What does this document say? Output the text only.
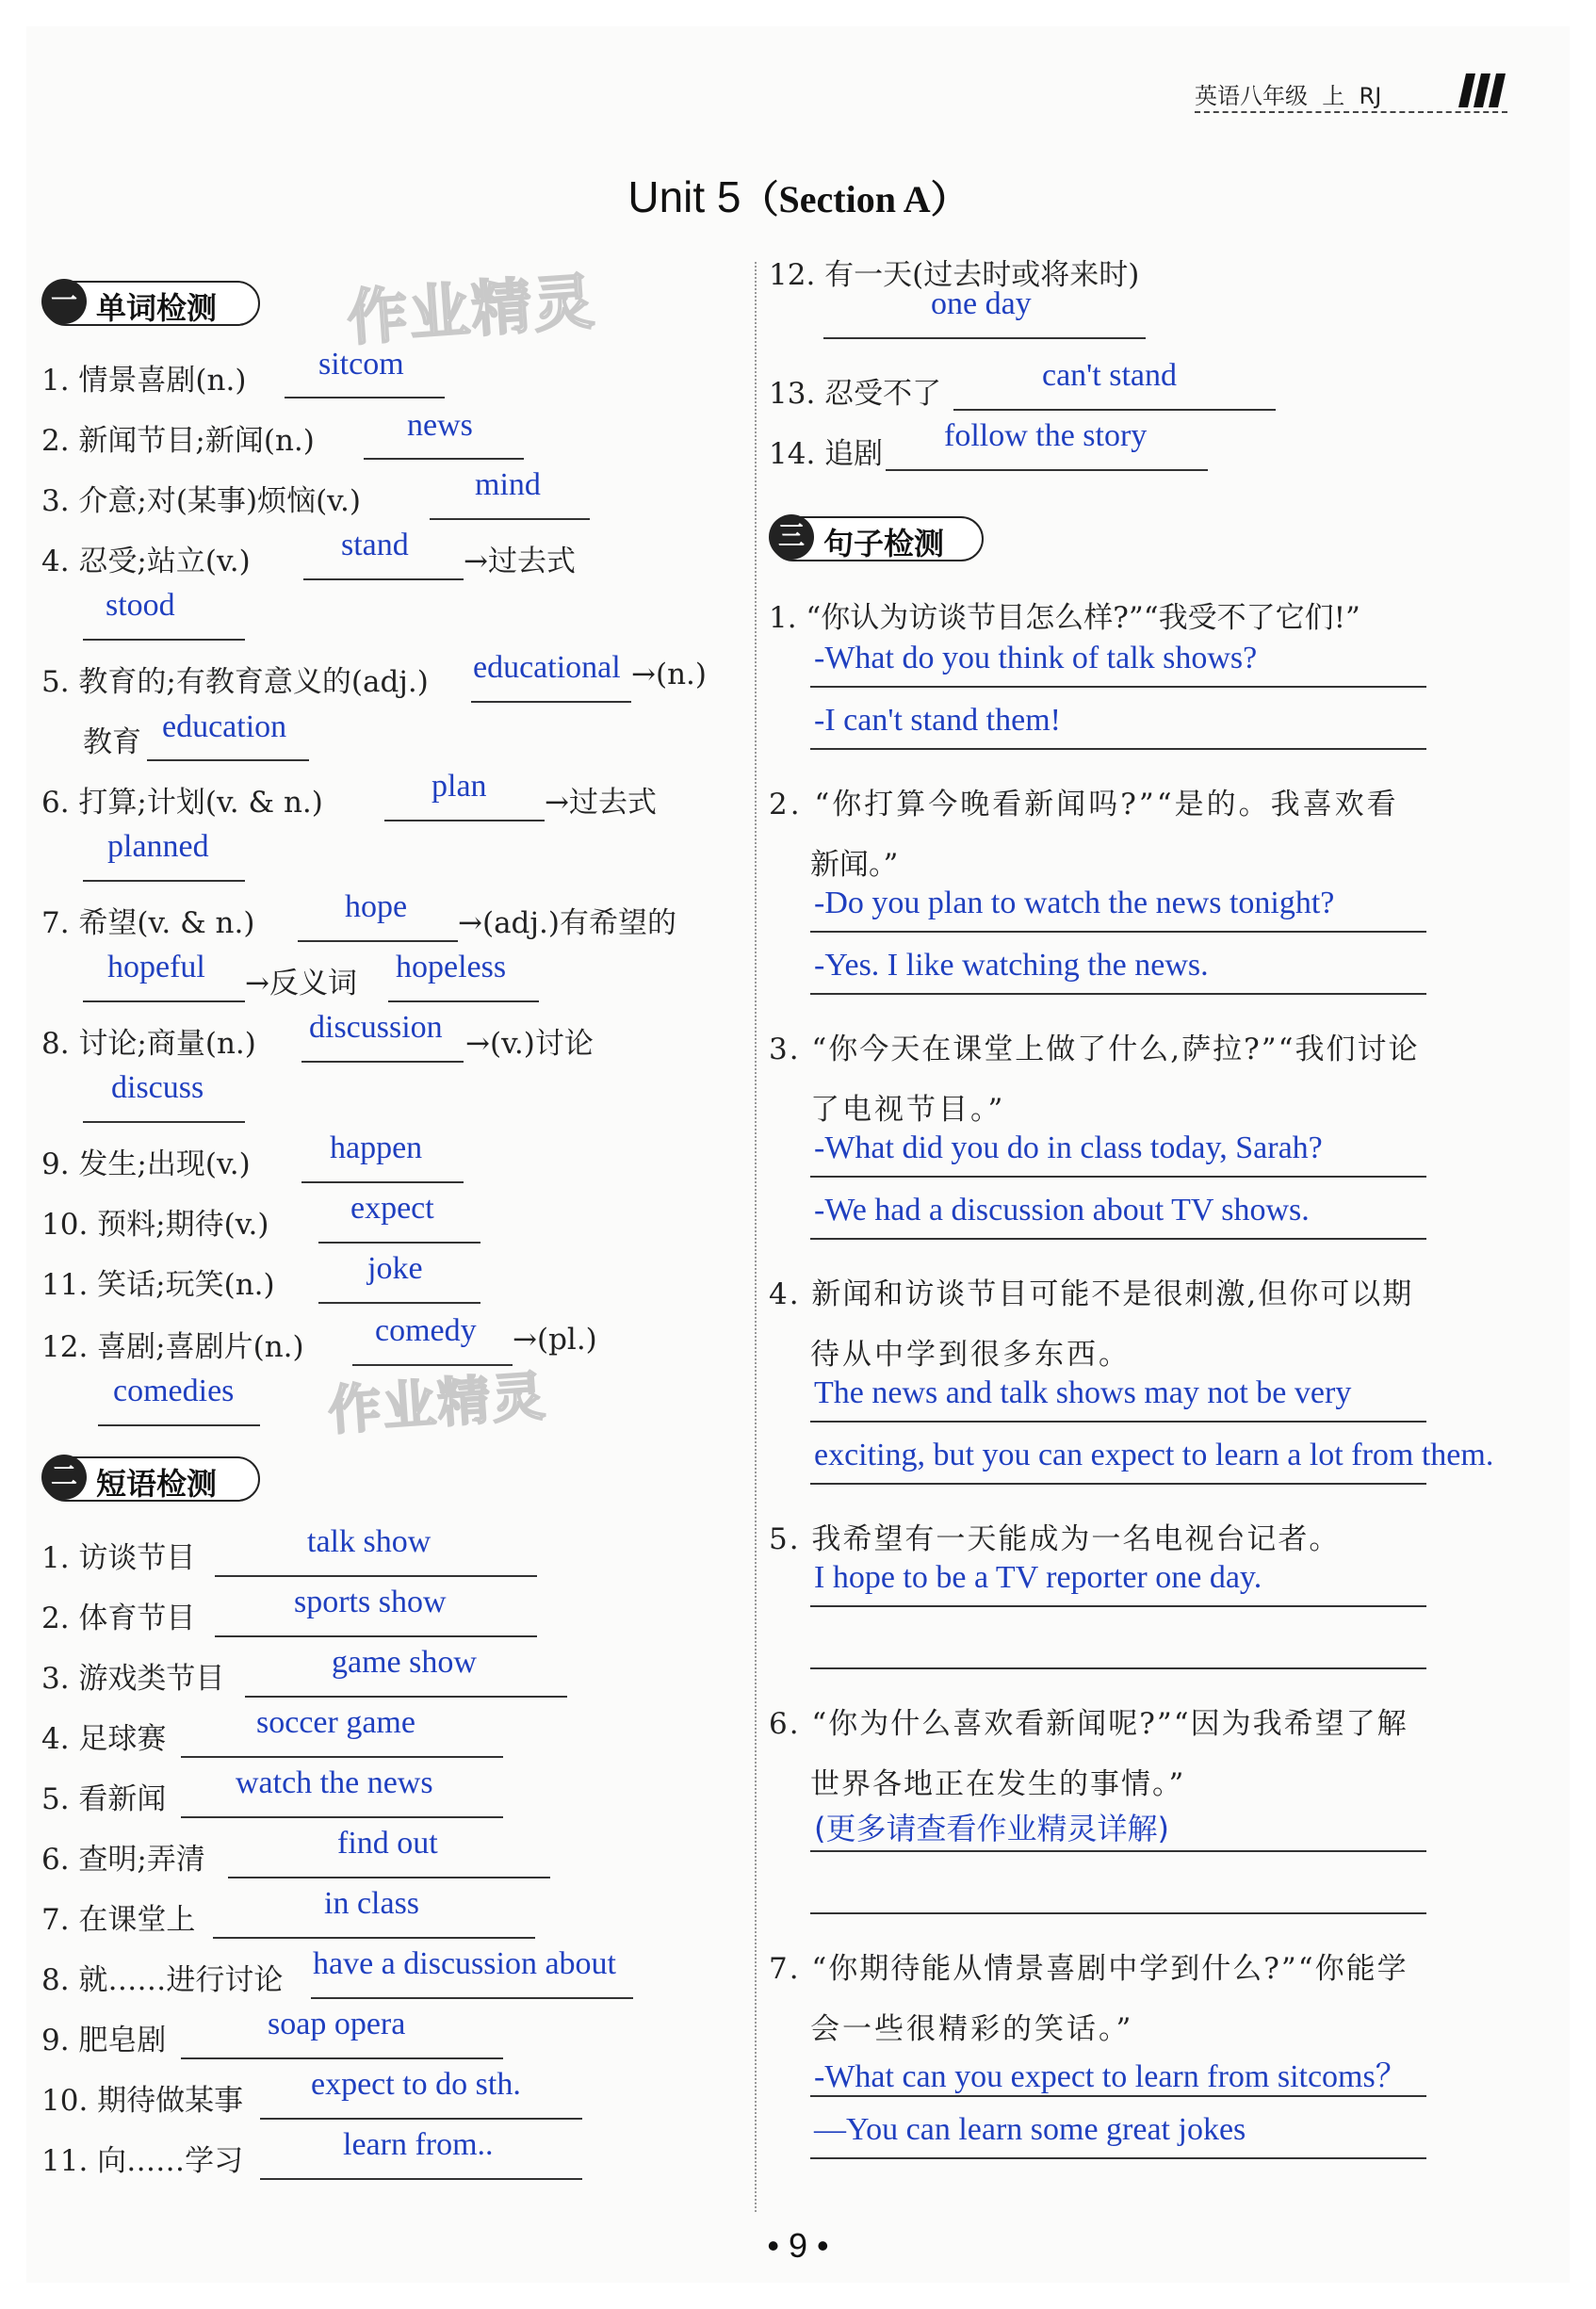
英语八年级  上  RJ
Unit 5（Section A）
作业精灵
作业精灵
一 单词检测
1. 情景喜剧(n.) sitcom
2. 新闻节目;新闻(n.)	news
3. 介意;对(某事)烦恼(v.)	mind
4. 忍受;站立(v.)	stand →过去式
stood
5. 教育的;有教育意义的(adj.) educational →(n.)
教育 education
6. 打算;计划(v. & n.)	plan →过去式
planned
7. 希望(v. & n.)	hope →(adj.)有希望的
hopeful →反义词 hopeless
8. 讨论;商量(n.) discussion →(v.)讨论
discuss
9. 发生;出现(v.) happen
10. 预料;期待(v.)	expect
11. 笑话;玩笑(n.)	joke
12. 喜剧;喜剧片(n.) comedy →(pl.)
comedies
二 短语检测
1. 访谈节目	talk show
2. 体育节目	sports show
3. 游戏类节目	game show
4. 足球赛	soccer game
5. 看新闻 watch the news
6. 查明;弄清	find out
7. 在课堂上	in class
8. 就……进行讨论 have a discussion about
9. 肥皂剧	soap opera
10. 期待做某事 expect to do sth.
11. 向……学习	learn from..
12. 有一天(过去时或将来时)
one day
13. 忍受不了
can't stand
14. 追剧
follow the story
三 句子检测
1. “你认为访谈节目怎么样?”“我受不了它们!”
-What do you think of talk shows?
-I can't stand them!
2. “你打算今晚看新闻吗?”“是的。我喜欢看
新闻。”
-Do you plan to watch the news tonight?
-Yes. I like watching the news.
3. “你今天在课堂上做了什么,萨拉?”“我们讨论
了电视节目。”
-What did you do in class today, Sarah?
-We had a discussion about TV shows.
4. 新闻和访谈节目可能不是很刺激,但你可以期
待从中学到很多东西。
The news and talk shows may not be very
exciting, but you can expect to learn a lot from them.
5. 我希望有一天能成为一名电视台记者。
I hope to be a TV reporter one day.
6. “你为什么喜欢看新闻呢?”“因为我希望了解
世界各地正在发生的事情。”
(更多请查看作业精灵详解)
7. “你期待能从情景喜剧中学到什么?”“你能学
会一些很精彩的笑话。”
-What can you expect to learn from sitcoms？
—You can learn some great jokes
• 9 •
